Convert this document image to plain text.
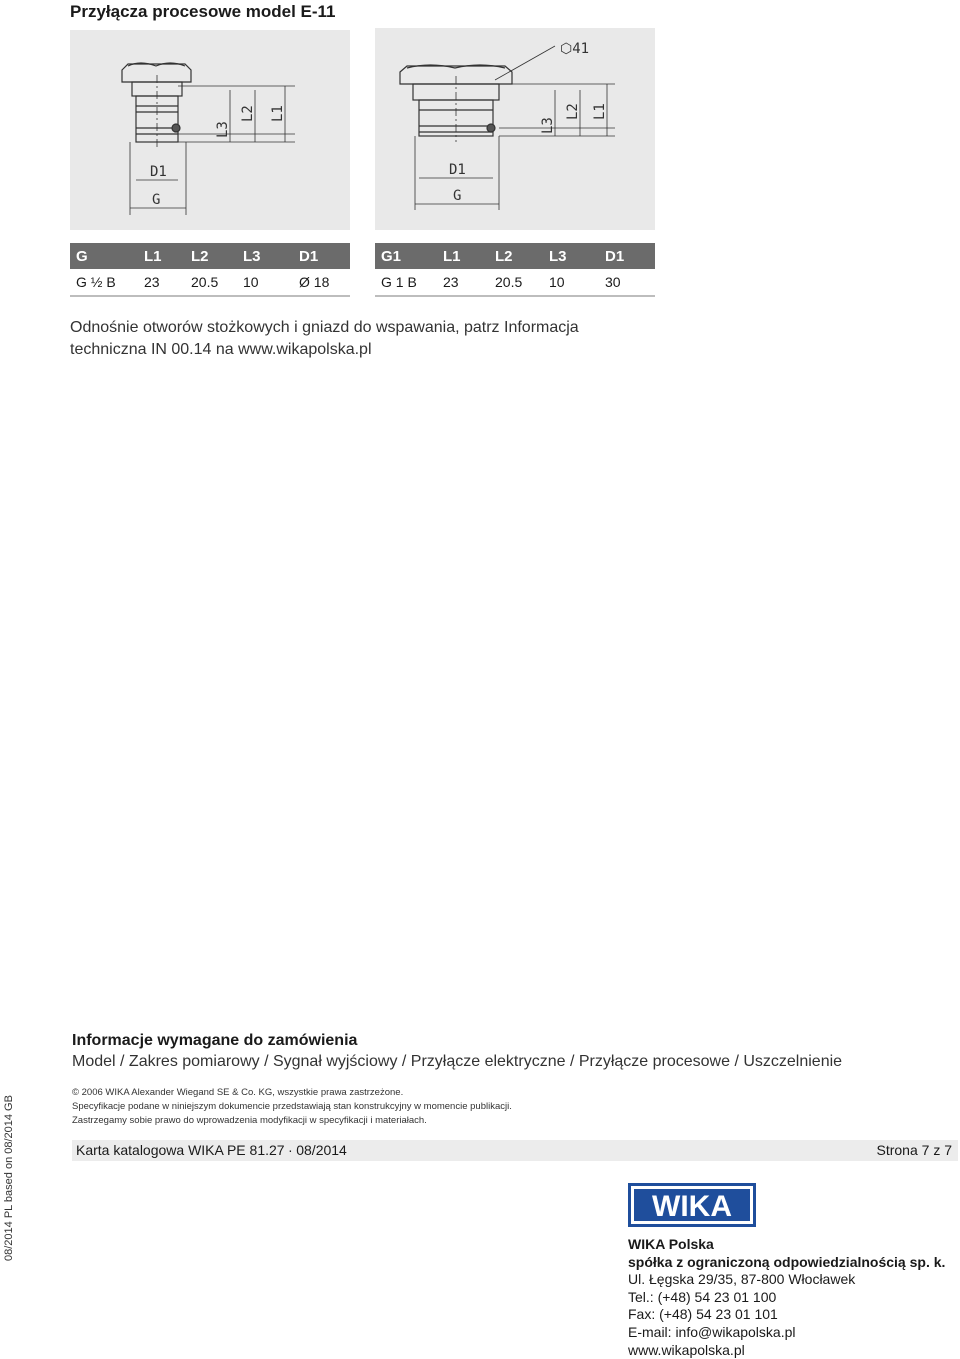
Przyłącza procesowe model E-11
L3
L2 L1
D1
G
⬡41
L3
L2 L1
D1
G
G	L1	L2	L3	D1
G ½ B	23	20.5	10	Ø 18
G1	L1	L2	L3	D1
G 1 B	23	20.5	10	30
Odnośnie otworów stożkowych i gniazd do wspawania, patrz Informacja
techniczna IN 00.14 na www.wikapolska.pl
Informacje wymagane do zamówienia
Model / Zakres pomiarowy / Sygnał wyjściowy / Przyłącze elektryczne / Przyłącze procesowe / Uszczelnienie
© 2006 WIKA Alexander Wiegand SE & Co. KG, wszystkie prawa zastrzeżone.
Specyfikacje podane w niniejszym dokumencie przedstawiają stan konstrukcyjny w momencie publikacji.
Zastrzegamy sobie prawo do wprowadzenia modyfikacji w specyfikacji i materiałach.
Karta katalogowa WIKA PE 81.27 ∙ 08/2014	Strona 7 z 7
08/2014 PL based on 08/2014 GB	WIKA
WIKA Polska
spółka z ograniczoną odpowiedzialnością sp. k.
Ul. Łęgska 29/35, 87-800 Włocławek
Tel.: (+48) 54 23 01 100
Fax: (+48) 54 23 01 101
E-mail: info@wikapolska.pl
www.wikapolska.pl
